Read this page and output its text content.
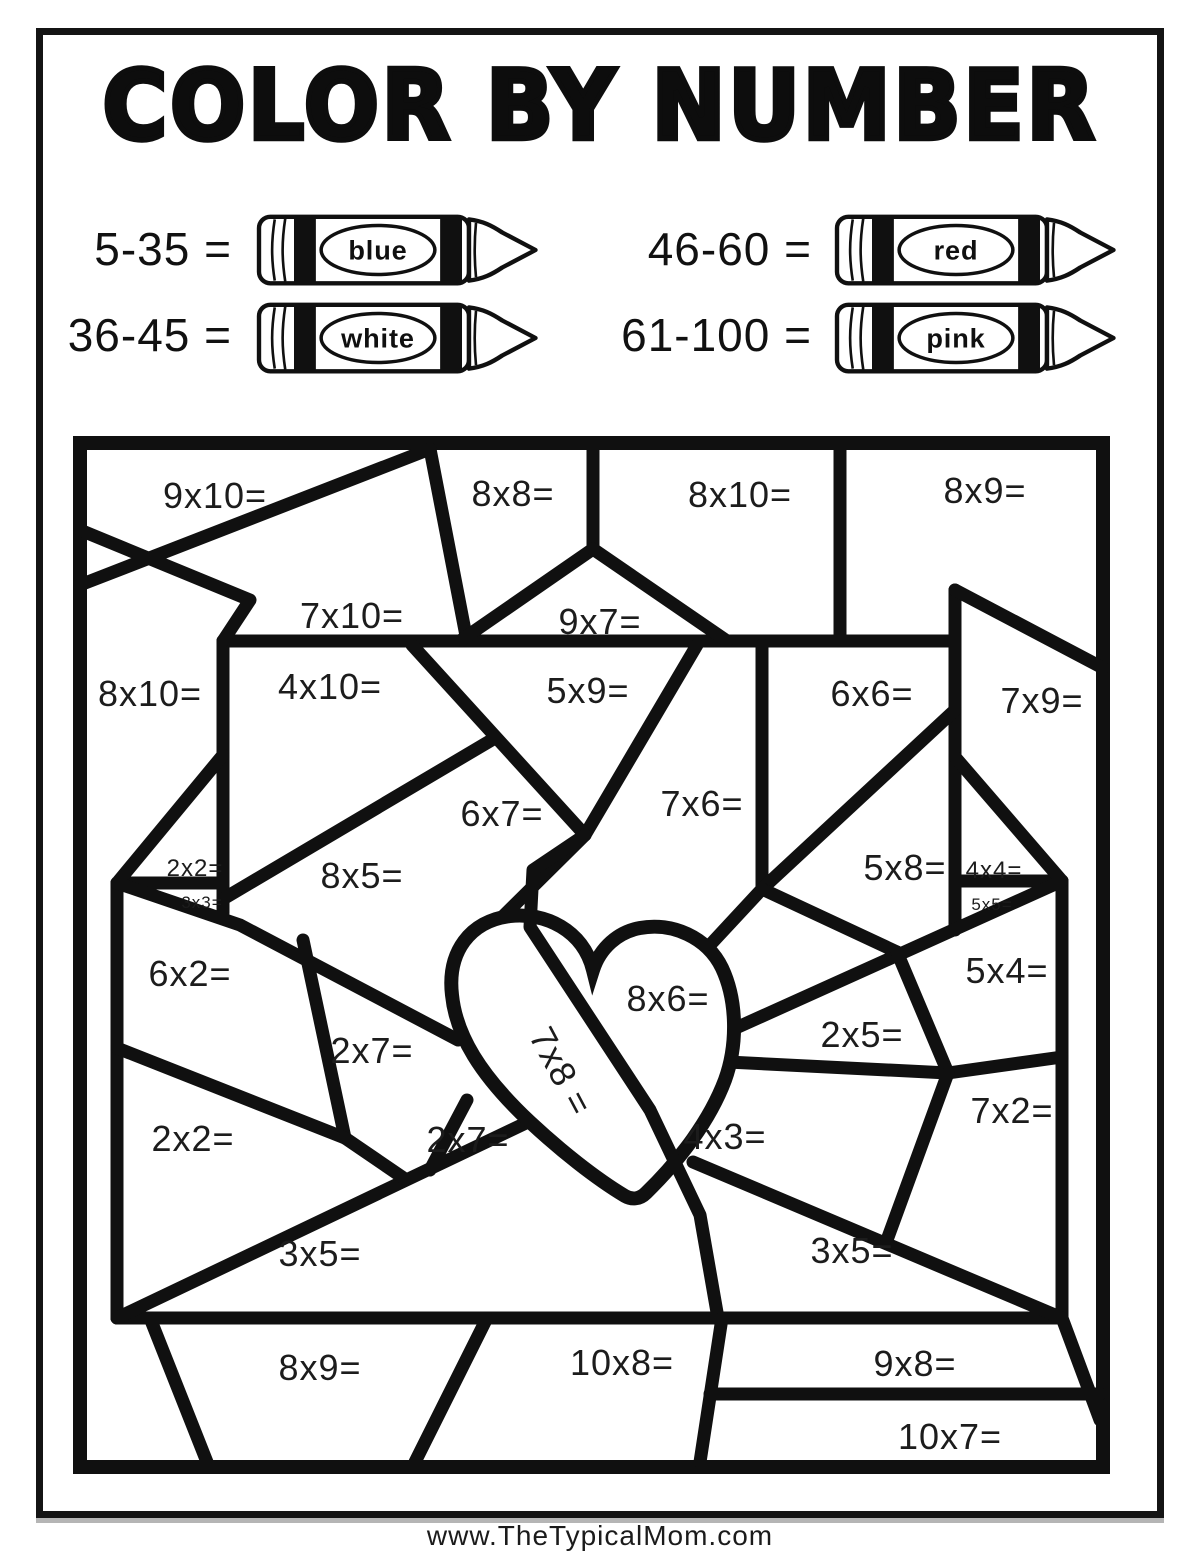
COLOR BY NUMBER
5-35 =
36-45 =
46-60 =
61-100 =
blue
white
red
pink
9x10=	8x8=	8x10=	8x9=
7x10=	9x7=
8x10=	7x9=
4x10=	5x9=	6x6=
6x7=	7x6=
8x5=	5x8=
2x2=
3x3=
4x4=
5x5=
6x2=
2x7=
2x2=	2x7=
3x5=
8x6=
7x8 =
4x3=
2x5=
5x4=
7x2=
3x5=
8x9=	10x8=	9x8=
10x7=
www.TheTypicalMom.com
